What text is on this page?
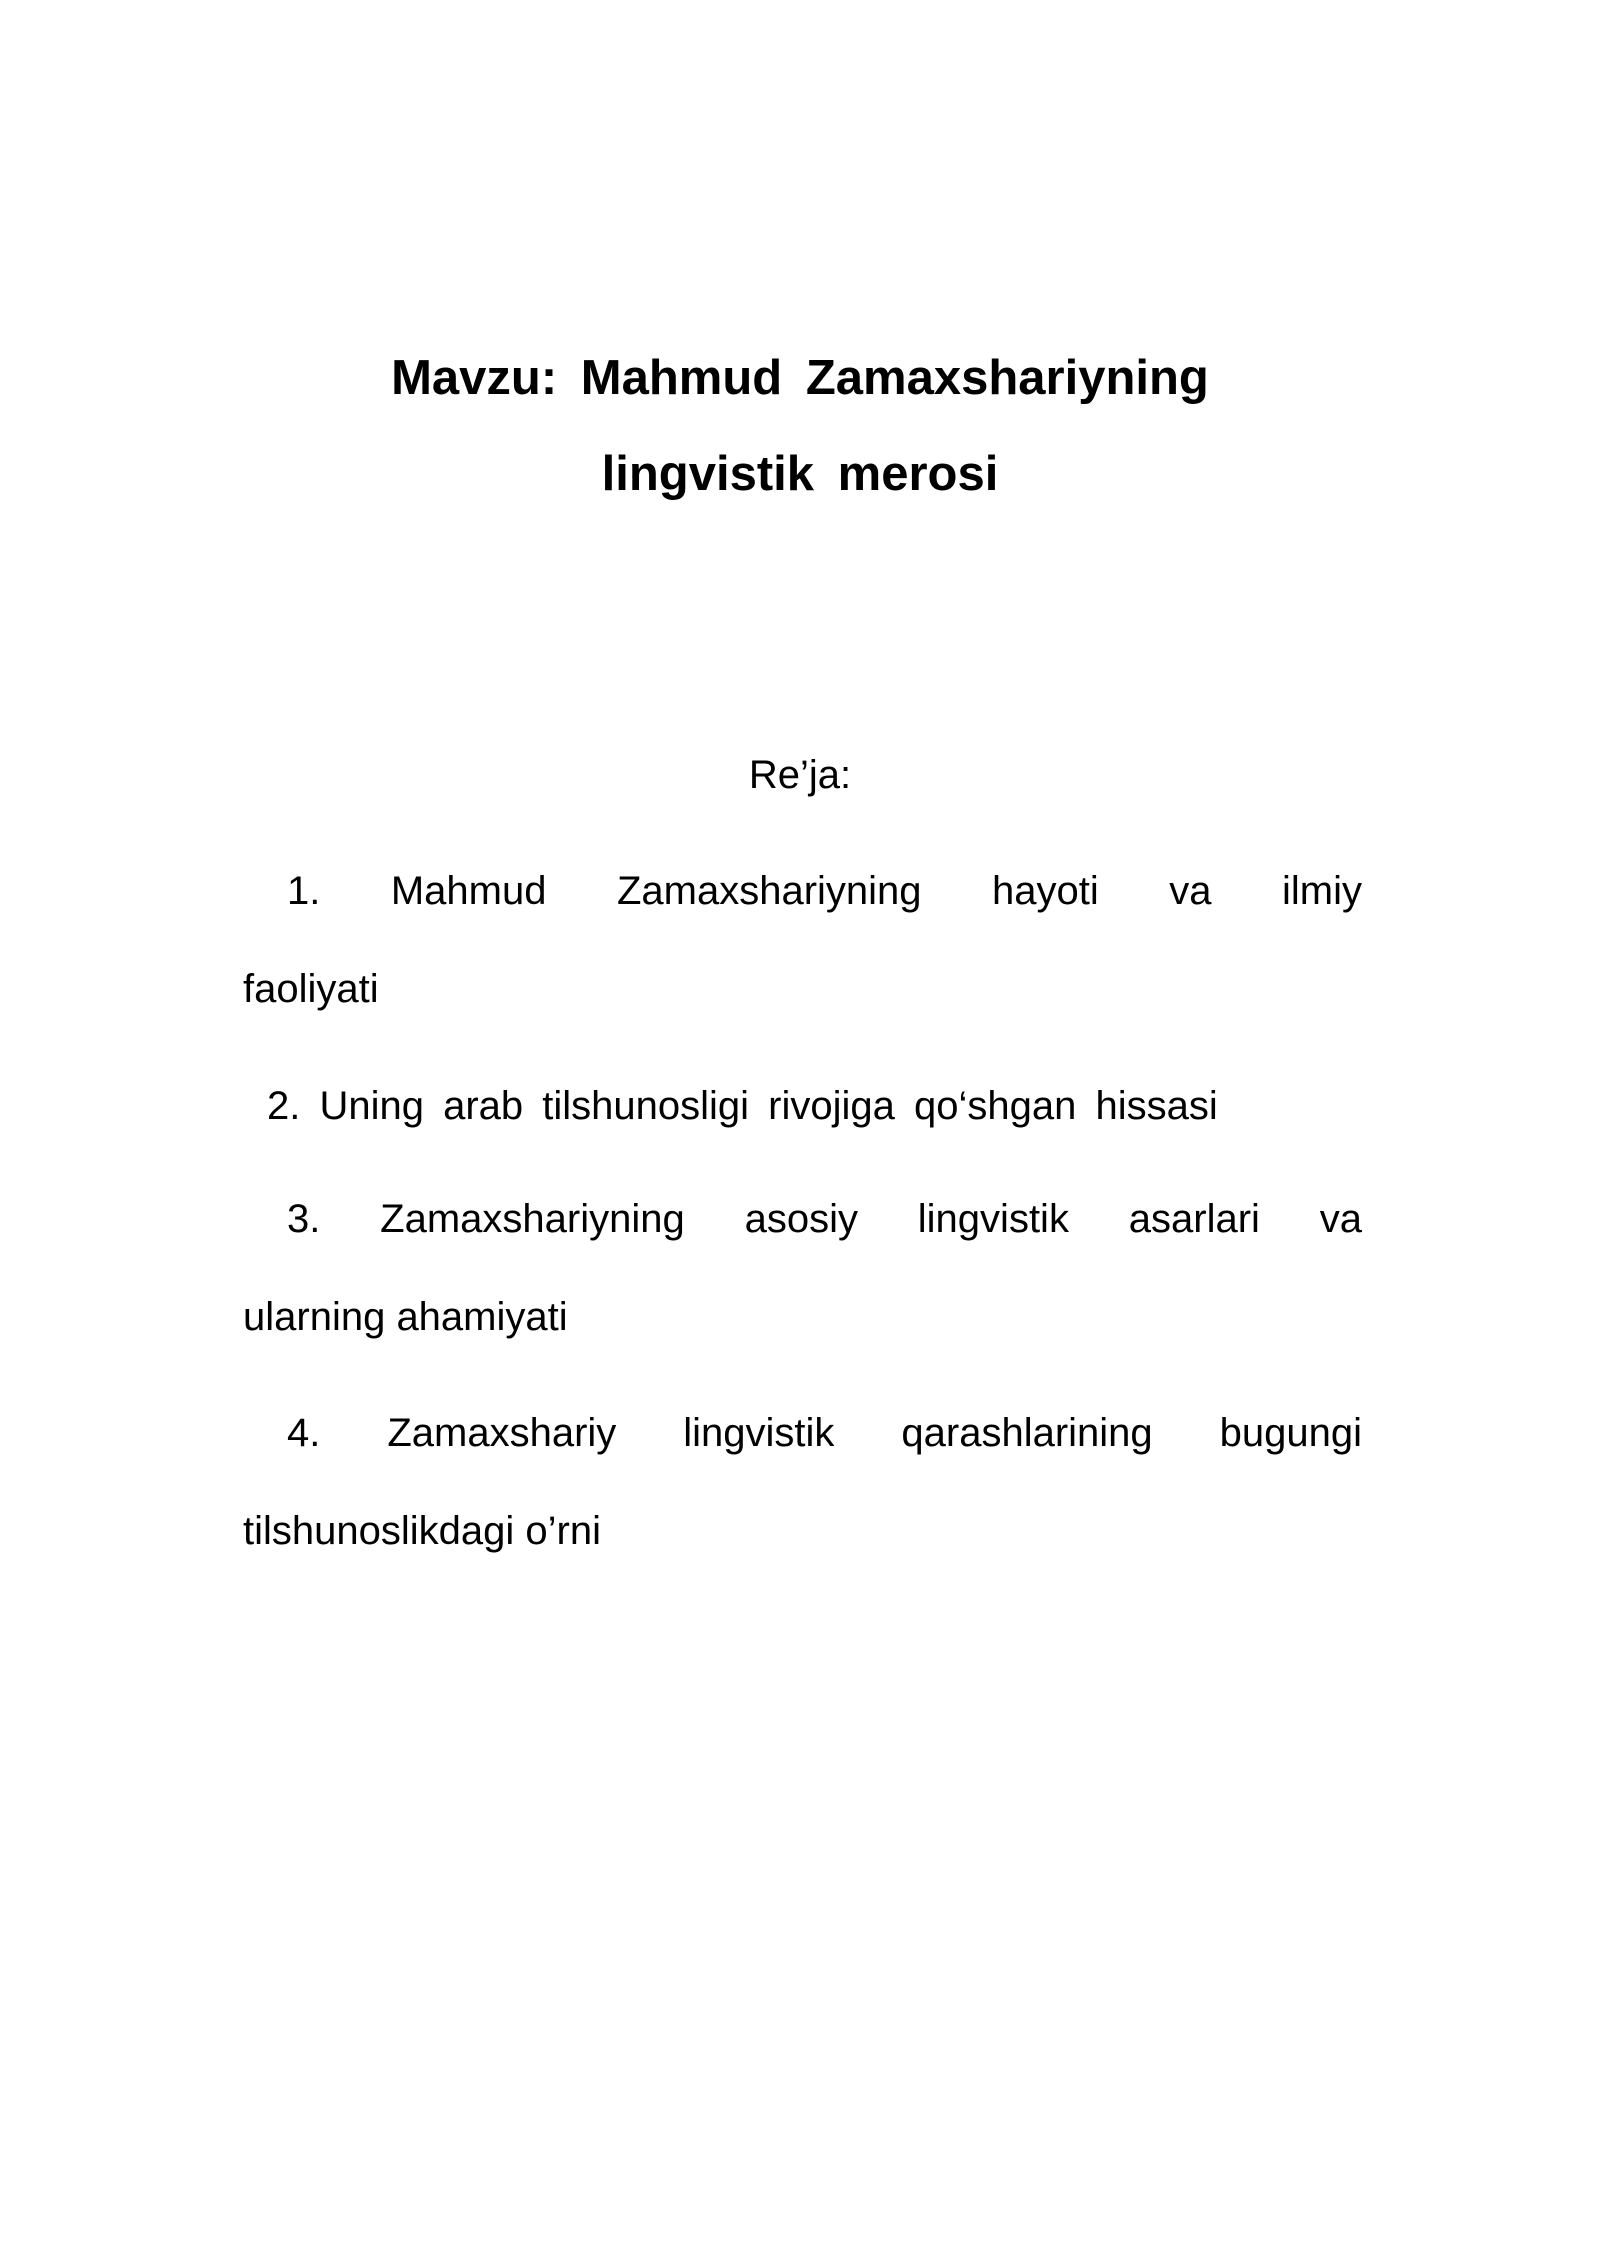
Mavzu: Mahmud Zamaxshariyning
lingvistik merosi
Re’ja:
1. Mahmud Zamaxshariyning hayoti va ilmiy
faoliyati
2. Uning arab tilshunosligi rivojiga qo‘shgan hissasi
3. Zamaxshariyning asosiy lingvistik asarlari va
ularning ahamiyati
4. Zamaxshariy lingvistik qarashlarining bugungi
tilshunoslikdagi o’rni
